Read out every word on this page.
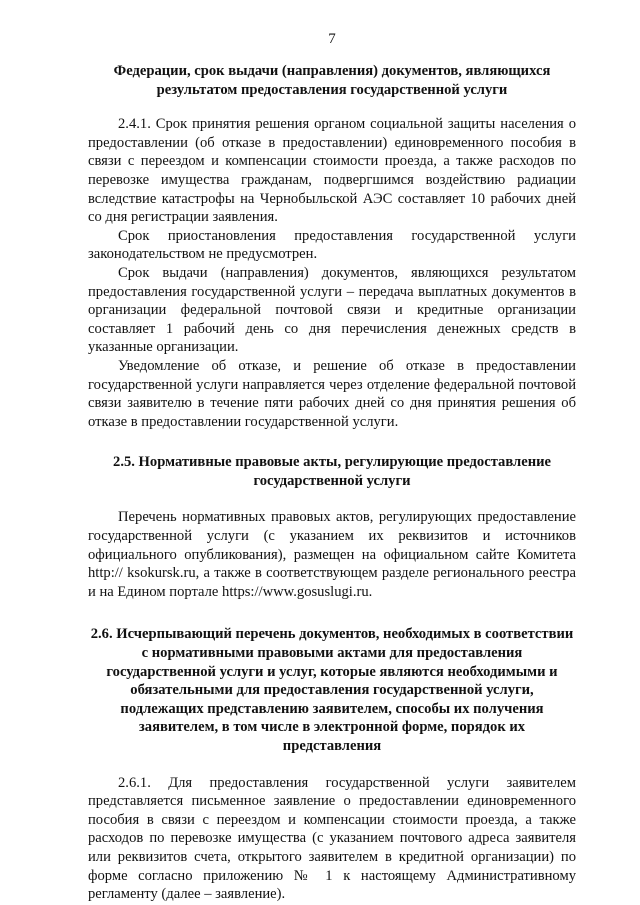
7

Федерации, срок выдачи (направления) документов, являющихся результатом предоставления государственной услуги

2.4.1. Срок принятия решения органом социальной защиты населения о предоставлении (об отказе в предоставлении) единовременного пособия в связи с переездом и компенсации стоимости проезда, а также расходов по перевозке имущества гражданам, подвергшимся воздействию радиации вследствие катастрофы на Чернобыльской АЭС составляет 10 рабочих дней со дня регистрации заявления.

Срок приостановления предоставления государственной услуги законодательством не предусмотрен.

Срок выдачи (направления) документов, являющихся результатом предоставления государственной услуги – передача выплатных документов в организации федеральной почтовой связи и кредитные организации составляет 1 рабочий день со дня перечисления денежных средств в указанные организации.

Уведомление об отказе, и решение об отказе в предоставлении государственной услуги направляется через отделение федеральной почтовой связи заявителю в течение пяти рабочих дней со дня принятия решения об отказе в предоставлении государственной услуги.

2.5. Нормативные правовые акты, регулирующие предоставление государственной услуги

Перечень нормативных правовых актов, регулирующих предоставление государственной услуги (с указанием их реквизитов и источников официального опубликования), размещен на официальном сайте Комитета http:// ksokursk.ru, а также в соответствующем разделе регионального реестра и на Едином портале https://www.gosuslugi.ru.

2.6. Исчерпывающий перечень документов, необходимых в соответствии с нормативными правовыми актами для предоставления государственной услуги и услуг, которые являются необходимыми и обязательными для предоставления государственной услуги, подлежащих представлению заявителем, способы их получения заявителем, в том числе в электронной форме, порядок их представления

2.6.1. Для предоставления государственной услуги заявителем представляется письменное заявление о предоставлении единовременного пособия в связи с переездом и компенсации стоимости проезда, а также расходов по перевозке имущества (с указанием почтового адреса заявителя или реквизитов счета, открытого заявителем в кредитной организации) по форме согласно приложению № 1 к настоящему Административному регламенту (далее – заявление).
